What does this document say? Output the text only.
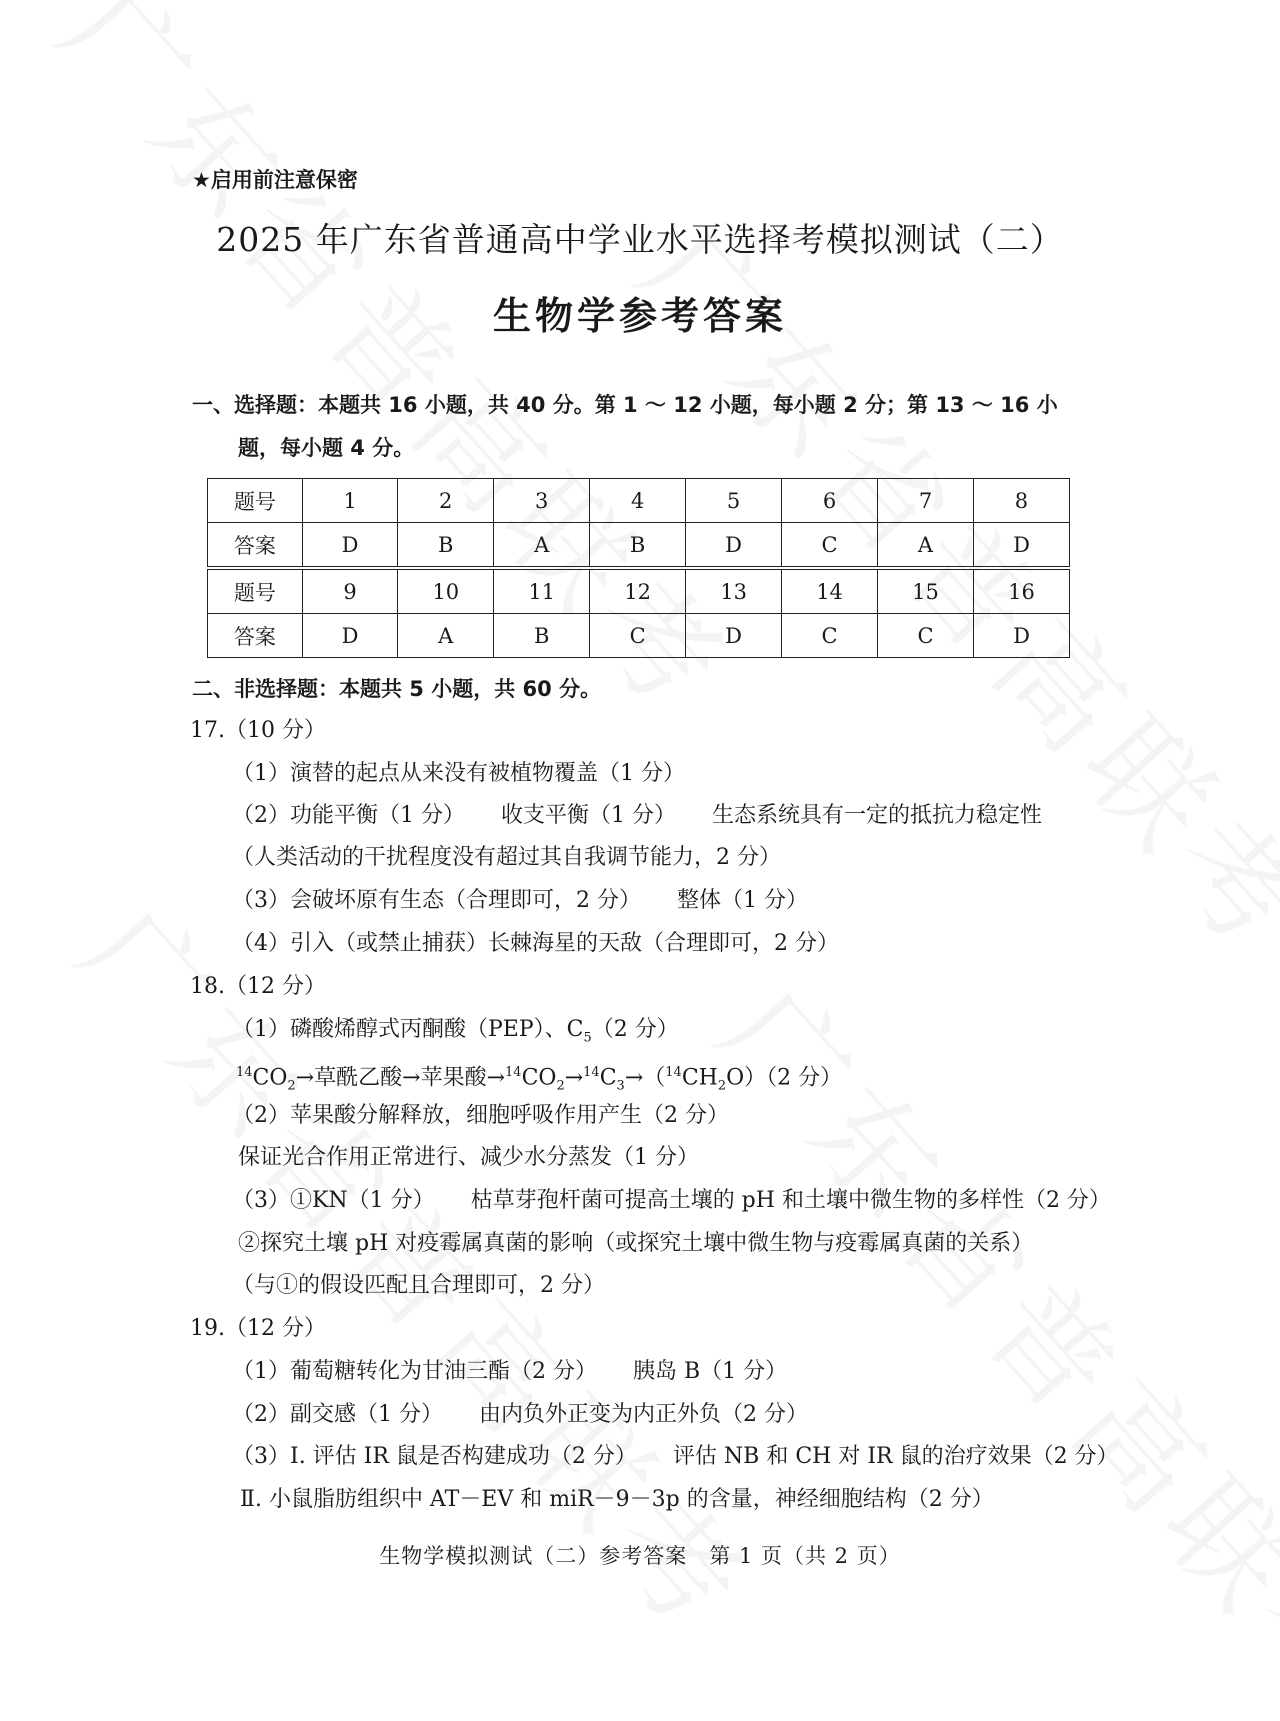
★启用前注意保密
2025 年广东省普通高中学业水平选择考模拟测试（二）
生物学参考答案
一、选择题：本题共 16 小题，共 40 分。第 1 ～ 12 小题，每小题 2 分；第 13 ～ 16 小
题，每小题 4 分。
题号	1	2	3	4	5	6	7	8
答案	D	B	A	B	D	C	A	D
题号	9	10	11	12	13	14	15	16
答案	D	A	B	C	D	C	C	D
二、非选择题：本题共 5 小题，共 60 分。
17.（10 分）
（1）演替的起点从来没有被植物覆盖（1 分）
（2）功能平衡（1 分） 收支平衡（1 分） 生态系统具有一定的抵抗力稳定性
（人类活动的干扰程度没有超过其自我调节能力，2 分）
（3）会破坏原有生态（合理即可，2 分） 整体（1 分）
（4）引入（或禁止捕获）长棘海星的天敌（合理即可，2 分）
18.（12 分）
（1）磷酸烯醇式丙酮酸（PEP）、$C_5(2$ 分）
$^{14}CO_2\to$草酰乙酸→苹果酸$\to^{14}CO_2\to^{14}C_3\to(^{14}CH_2O)(2$ 分）
（2）苹果酸分解释放，细胞呼吸作用产生（2 分）
保证光合作用正常进行、减少水分蒸发（1 分）
（3）①KN（1 分） 枯草芽孢杆菌可提高土壤的 pH 和土壤中微生物的多样性（2 分）
②探究土壤 pH 对疫霉属真菌的影响（或探究土壤中微生物与疫霉属真菌的关系）
（与①的假设匹配且合理即可，2 分）
19.（12 分）
（1）葡萄糖转化为甘油三酯（2 分） 胰岛 B（1 分）
（2）副交感（1 分） 由内负外正变为内正外负（2 分）
（3）Ⅰ. 评估 IR 鼠是否构建成功（2 分） 评估 NB 和 CH 对 IR 鼠的治疗效果（2 分）
Ⅱ. 小鼠脂肪组织中 AT－EV 和 miR－9－3p 的含量，神经细胞结构（2 分）
生物学模拟测试（二）参考答案　第 1 页（共 2 页）
